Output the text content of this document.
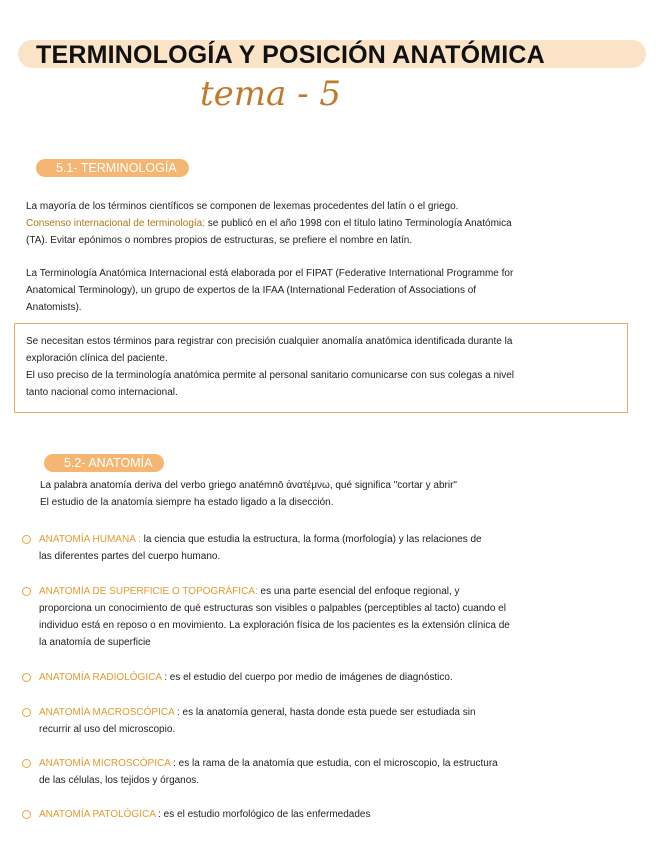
TERMINOLOGÍA Y POSICIÓN ANATÓMICA
tema - 5
5.1- TERMINOLOGÍA
La mayoría de los términos científicos se componen de lexemas procedentes del latín o el griego.
Consenso internacional de terminología: se publicó en el año 1998 con el título latino Terminología Anatómica
(TA). Evitar epónimos o nombres propios de estructuras, se prefiere el nombre en latín.
La Terminología Anatómica Internacional está elaborada por el FIPAT (Federative International Programme for
Anatomical Terminology), un grupo de expertos de la IFAA (International Federation of Associations of
Anatomists).
Se necesitan estos términos para registrar con precisión cualquier anomalía anatómica identificada durante la
exploración clínica del paciente.
El uso preciso de la terminología anatómica permite al personal sanitario comunicarse con sus colegas a nivel
tanto nacional como internacional.
5.2- ANATOMÍA
La palabra anatomía deriva del verbo griego anatémnō ἀνατέμνω, qué significa "cortar y abrir"
El estudio de la anatomía siempre ha estado ligado a la disección.
ANATOMÍA HUMANA : la ciencia que estudia la estructura, la forma (morfología) y las relaciones de
las diferentes partes del cuerpo humano.
ANATOMÍA DE SUPERFICIE O TOPOGRÁFICA: es una parte esencial del enfoque regional, y
proporciona un conocimiento de qué estructuras son visibles o palpables (perceptibles al tacto) cuando el
individuo está en reposo o en movimiento. La exploración física de los pacientes es la extensión clínica de
la anatomía de superficie
ANATOMÍA RADIOLÓGICA : es el estudio del cuerpo por medio de imágenes de diagnóstico.
ANATOMÍA MACROSCÓPICA : es la anatomía general, hasta donde esta puede ser estudiada sin
recurrir al uso del microscopio.
ANATOMÍA MICROSCÓPICA : es la rama de la anatomía que estudia, con el microscopio, la estructura
de las células, los tejidos y órganos.
ANATOMÍA PATOLÓGICA : es el estudio morfológico de las enfermedades
